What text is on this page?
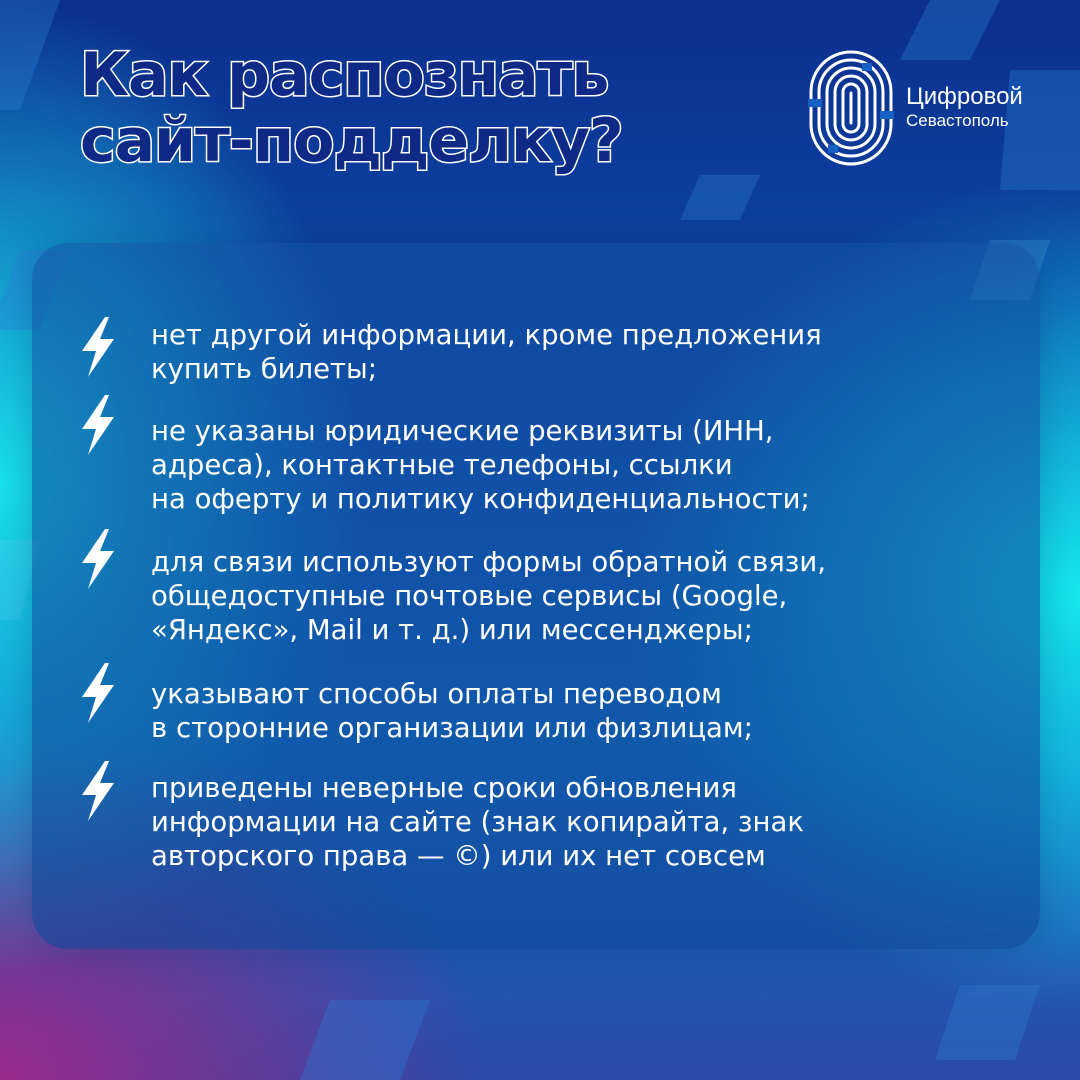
Как распознать
сайт-подделку?
Цифровой
Севастополь

нет другой информации, кроме предложения
купить билеты;

не указаны юридические реквизиты (ИНН,
адреса), контактные телефоны, ссылки
на оферту и политику конфиденциальности;

для связи используют формы обратной связи,
общедоступные почтовые сервисы (Google,
«Яндекс», Mail и т. д.) или мессенджеры;

указывают способы оплаты переводом
в сторонние организации или физлицам;

приведены неверные сроки обновления
информации на сайте (знак копирайта, знак
авторского права — ©) или их нет совсем
